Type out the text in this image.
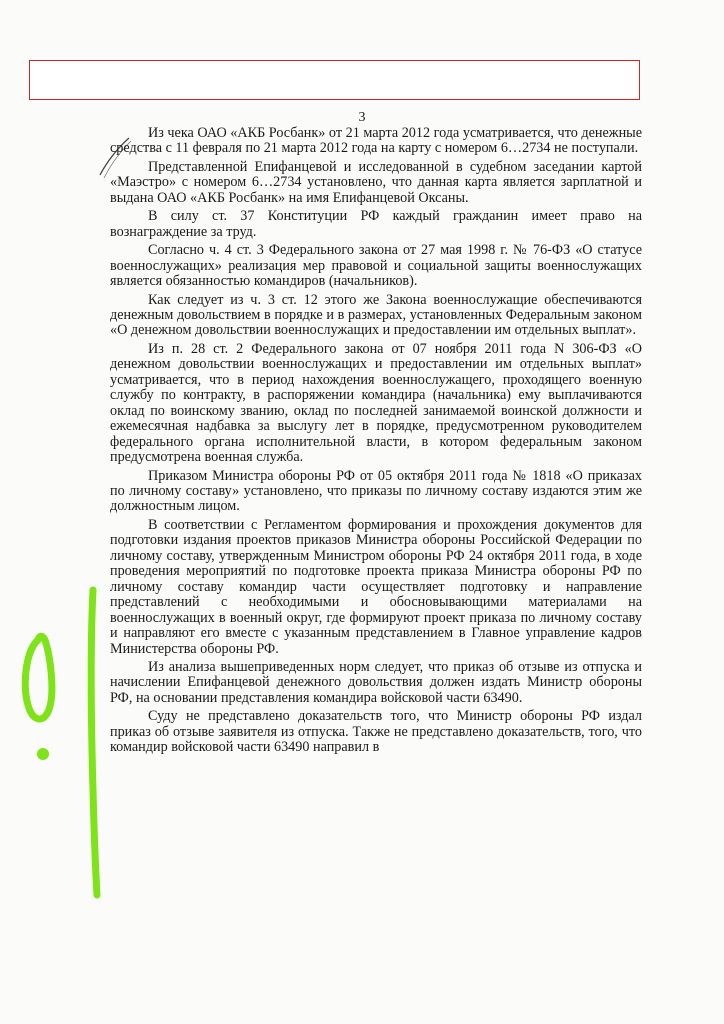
3

Из чека ОАО «АКБ Росбанк» от 21 марта 2012 года усматривается, что денежные средства с 11 февраля по 21 марта 2012 года на карту с номером 6…2734 не поступали.

Представленной Епифанцевой и исследованной в судебном заседании картой «Маэстро» с номером 6…2734 установлено, что данная карта является зарплатной и выдана ОАО «АКБ Росбанк» на имя Епифанцевой Оксаны.

В силу ст. 37 Конституции РФ каждый гражданин имеет право на вознаграждение за труд.

Согласно ч. 4 ст. 3 Федерального закона от 27 мая 1998 г. № 76-ФЗ «О статусе военнослужащих» реализация мер правовой и социальной защиты военнослужащих является обязанностью командиров (начальников).

Как следует из ч. 3 ст. 12 этого же Закона военнослужащие обеспечиваются денежным довольствием в порядке и в размерах, установленных Федеральным законом «О денежном довольствии военнослужащих и предоставлении им отдельных выплат».

Из п. 28 ст. 2 Федерального закона от 07 ноября 2011 года N 306-ФЗ «О денежном довольствии военнослужащих и предоставлении им отдельных выплат» усматривается, что в период нахождения военнослужащего, проходящего военную службу по контракту, в распоряжении командира (начальника) ему выплачиваются оклад по воинскому званию, оклад по последней занимаемой воинской должности и ежемесячная надбавка за выслугу лет в порядке, предусмотренном руководителем федерального органа исполнительной власти, в котором федеральным законом предусмотрена военная служба.

Приказом Министра обороны РФ от 05 октября 2011 года № 1818 «О приказах по личному составу» установлено, что приказы по личному составу издаются этим же должностным лицом.

В соответствии с Регламентом формирования и прохождения документов для подготовки издания проектов приказов Министра обороны Российской Федерации по личному составу, утвержденным Министром обороны РФ 24 октября 2011 года, в ходе проведения мероприятий по подготовке проекта приказа Министра обороны РФ по личному составу командир части осуществляет подготовку и направление представлений с необходимыми и обосновывающими материалами на военнослужащих в военный округ, где формируют проект приказа по личному составу и направляют его вместе с указанным представлением в Главное управление кадров Министерства обороны РФ.

Из анализа вышеприведенных норм следует, что приказ об отзыве из отпуска и начислении Епифанцевой денежного довольствия должен издать Министр обороны РФ, на основании представления командира войсковой части 63490.

Суду не представлено доказательств того, что Министр обороны РФ издал приказ об отзыве заявителя из отпуска. Также не представлено доказательств, того, что командир войсковой части 63490 направил в
